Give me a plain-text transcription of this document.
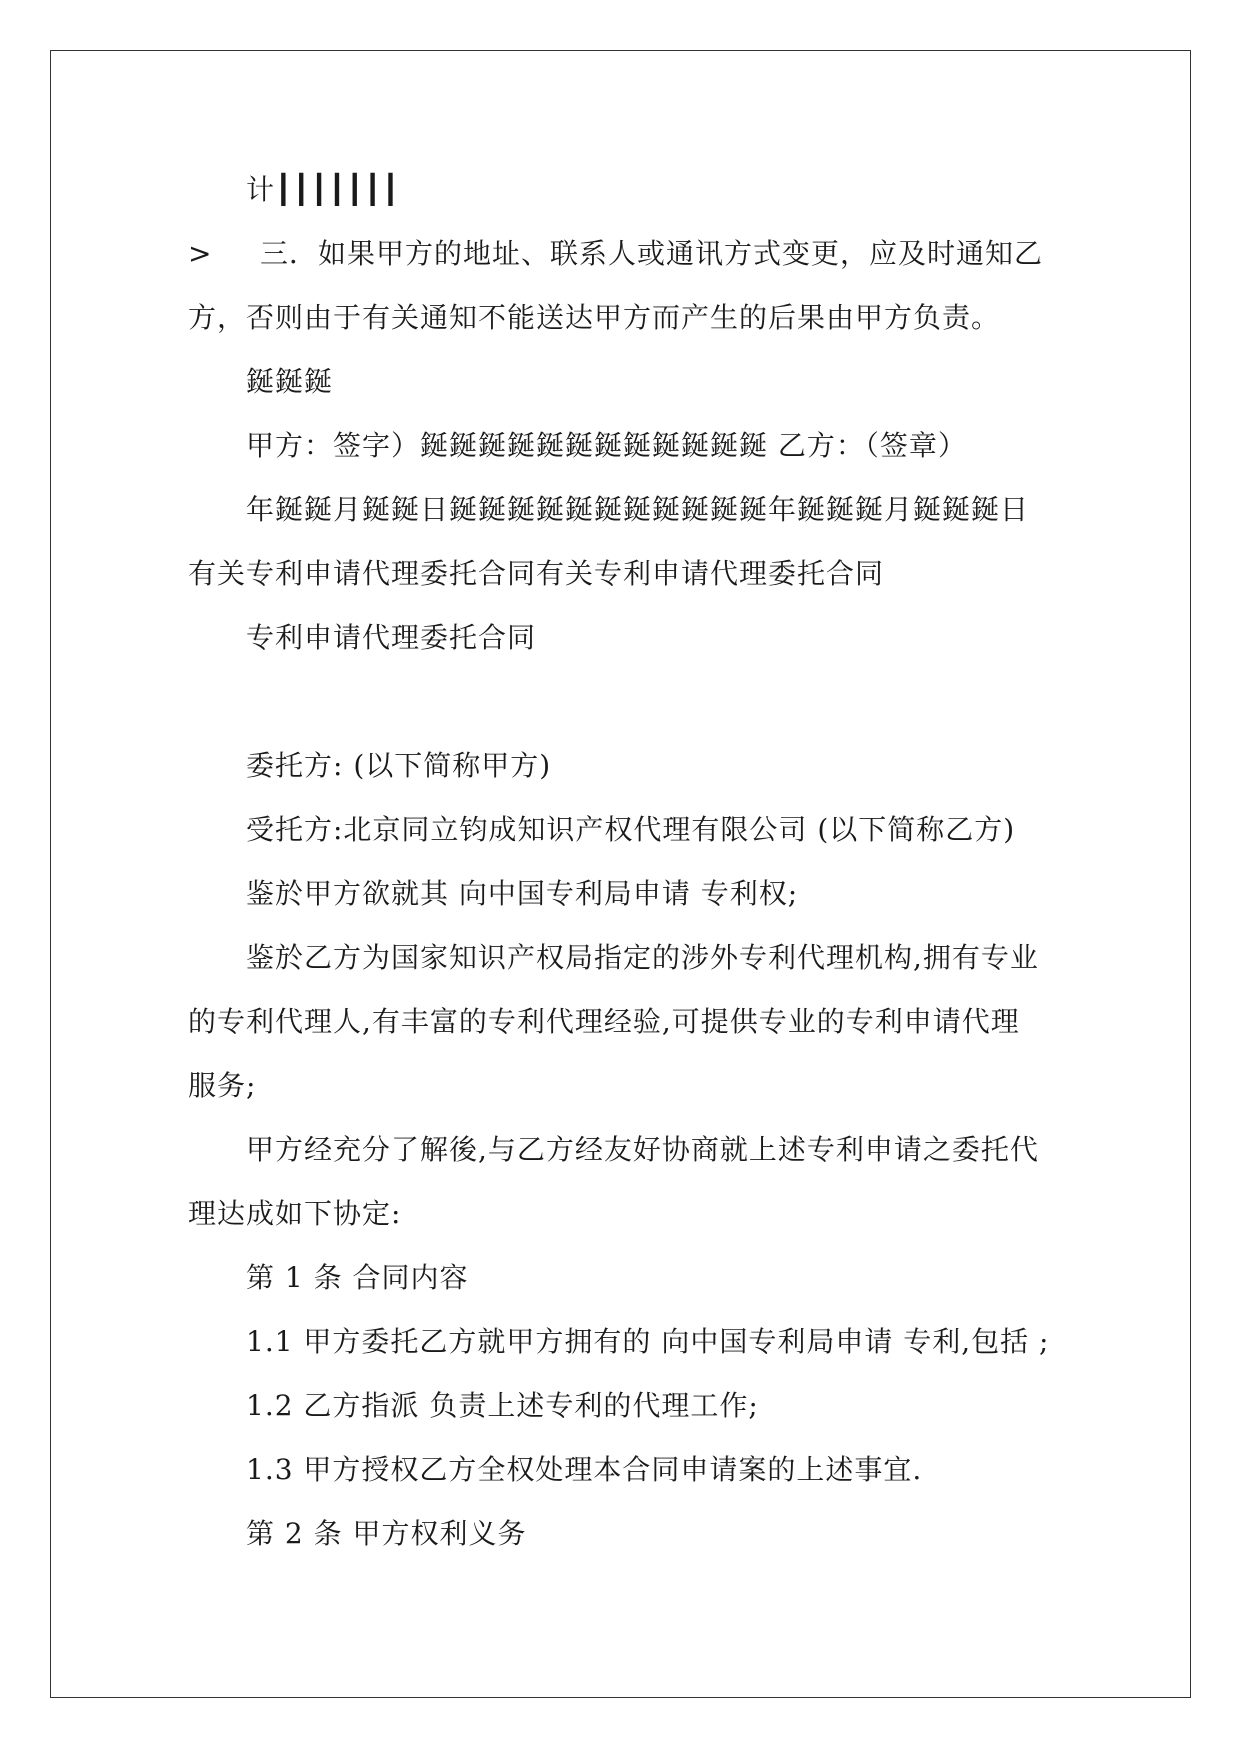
计┃┃┃┃┃┃┃
> 三．如果甲方的地址、联系人或通讯方式变更，应及时通知乙
方，否则由于有关通知不能送达甲方而产生的后果由甲方负责。
鋋鋋鋋
甲方：签字）鋋鋋鋋鋋鋋鋋鋋鋋鋋鋋鋋鋋 乙方：（签章）
年鋋鋋月鋋鋋日鋋鋋鋋鋋鋋鋋鋋鋋鋋鋋鋋年鋋鋋鋋月鋋鋋鋋日
有关专利申请代理委托合同有关专利申请代理委托合同
专利申请代理委托合同
委托方: (以下简称甲方)
受托方:北京同立钧成知识产权代理有限公司 (以下简称乙方)
鉴於甲方欲就其 向中国专利局申请 专利权;
鉴於乙方为国家知识产权局指定的涉外专利代理机构,拥有专业
的专利代理人,有丰富的专利代理经验,可提供专业的专利申请代理
服务;
甲方经充分了解後,与乙方经友好协商就上述专利申请之委托代
理达成如下协定:
第 1 条 合同内容
1.1 甲方委托乙方就甲方拥有的 向中国专利局申请 专利,包括 ;
1.2 乙方指派 负责上述专利的代理工作;
1.3 甲方授权乙方全权处理本合同申请案的上述事宜.
第 2 条 甲方权利义务
